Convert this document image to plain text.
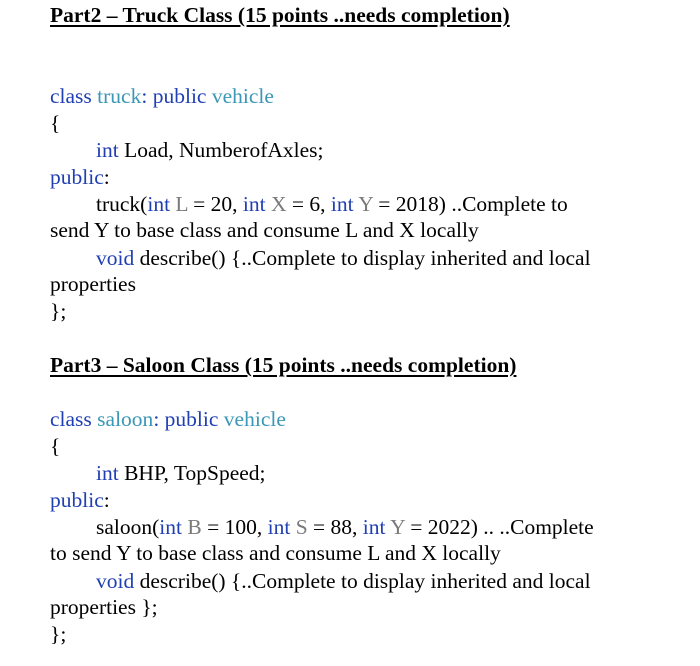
Part2 – Truck Class (15 points ..needs completion)
class truck: public vehicle
{
int Load, NumberofAxles;
public:
truck(int L = 20, int X = 6, int Y = 2018) ..Complete to
send Y to base class and consume L and X locally
void describe() {..Complete to display inherited and local
properties
};
Part3 – Saloon Class (15 points ..needs completion)
class saloon: public vehicle
{
int BHP, TopSpeed;
public:
saloon(int B = 100, int S = 88, int Y = 2022) .. ..Complete
to send Y to base class and consume L and X locally
void describe() {..Complete to display inherited and local
properties };
};
